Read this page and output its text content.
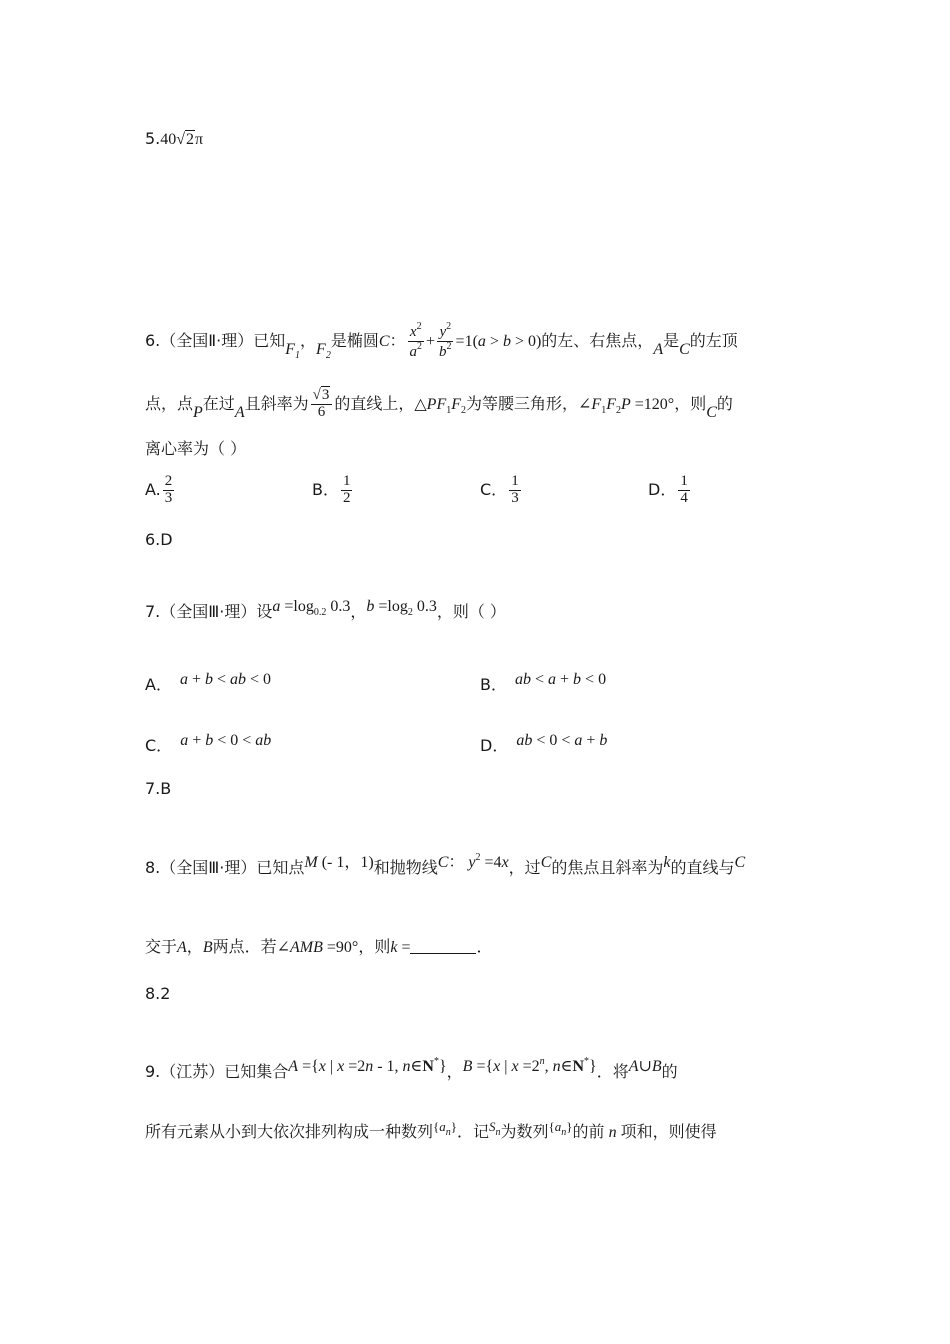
5.40√2π
6.（全国Ⅱ·理）已知$F_1$，$F_2$是椭圆C： $\frac{x^2}{a^2} + \frac{y^2}{b^2} =1(a > b > 0)$的左、右焦点，A是C的左顶
点，点P在过A且斜率为 $\frac{√3}{6}$ 的直线上，$\triangle PF_1F_2$为等腰三角形，$\angle F_1F_2P =120^\circ$，则C的
离心率为（ ）
A. $\frac{2}{3}$	B． $\frac{1}{2}$	C． $\frac{1}{3}$	D． $\frac{1}{4}$
6.D
7.（全国Ⅲ·理）设$a =\log_{0.2}$ 0.3，$b =\log_2$ 0.3，则（ ）
A． a + b < ab < 0	B． ab < a + b < 0
C． a + b < 0 < ab	D． ab < 0 < a + b
7.B
8.（全国Ⅲ·理）已知点M (- 1，1)和抛物线C： $y^2 =4x$，过C的焦点且斜率为k的直线与C
交于A，B两点．若∠AMB =90°，则k =	．
8.2
9.（江苏）已知集合A ={x | x =2n - 1, n∈N*}，B ={x | $x =2^n$, n∈N*}．将A∪B的
所有元素从小到大依次排列构成一种数列$^{\{a_n\}}$．记$^{S_n}$为数列$^{\{a_n\}}$的前 n 项和，则使得
